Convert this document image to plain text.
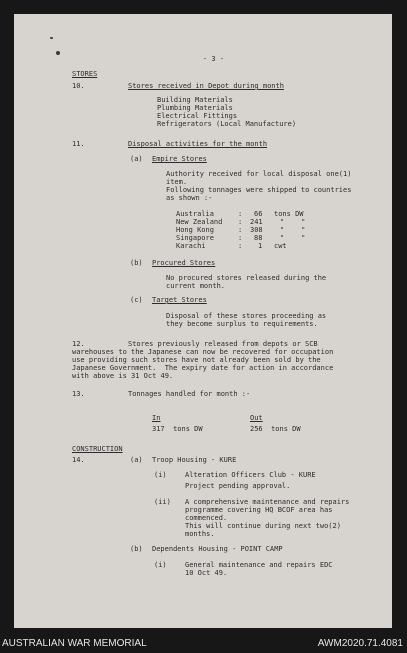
- 3 -
STORES
10.	Stores received in Depot during month
Building Materials
Plumbing Materials
Electrical Fittings
Refrigerators (Local Manufacture)
11.	Disposal activities for the month
(a) Empire Stores
Authority received for local disposal one(1)
item.
Following tonnages were shipped to countries
as shown :-
Australia	: 66 tons DW
New Zealand : 241 "    "
Hong Kong	: 308 "    "
Singapore	: 88	"    "
Karachi	: 1 cwt
(b) Procured Stores
No procured stores released during the
current month.
(c) Target Stores
Disposal of these stores proceeding as
they become surplus to requirements.
12.	Stores previously released from depots or SCB
warehouses to the Japanese can now be recovered for occupation
use providing such stores have not already been sold by the
Japanese Government.  The expiry date for action in accordance
with above is 31 Oct 49.
13.	Tonnages handled for month :-
In	Out
317  tons DW	256  tons DW
CONSTRUCTION
14.	(a) Troop Housing - KURE
(i)	Alteration Officers Club - KURE
Project pending approval.
(ii) A comprehensive maintenance and repairs
programme covering HQ BCOF area has
commenced.
This will continue during next two(2)
months.
(b) Dependents Housing - POINT CAMP
(i)	General maintenance and repairs EDC
10 Oct 49.
AUSTRALIAN WAR MEMORIAL	AWM2020.71.4081
